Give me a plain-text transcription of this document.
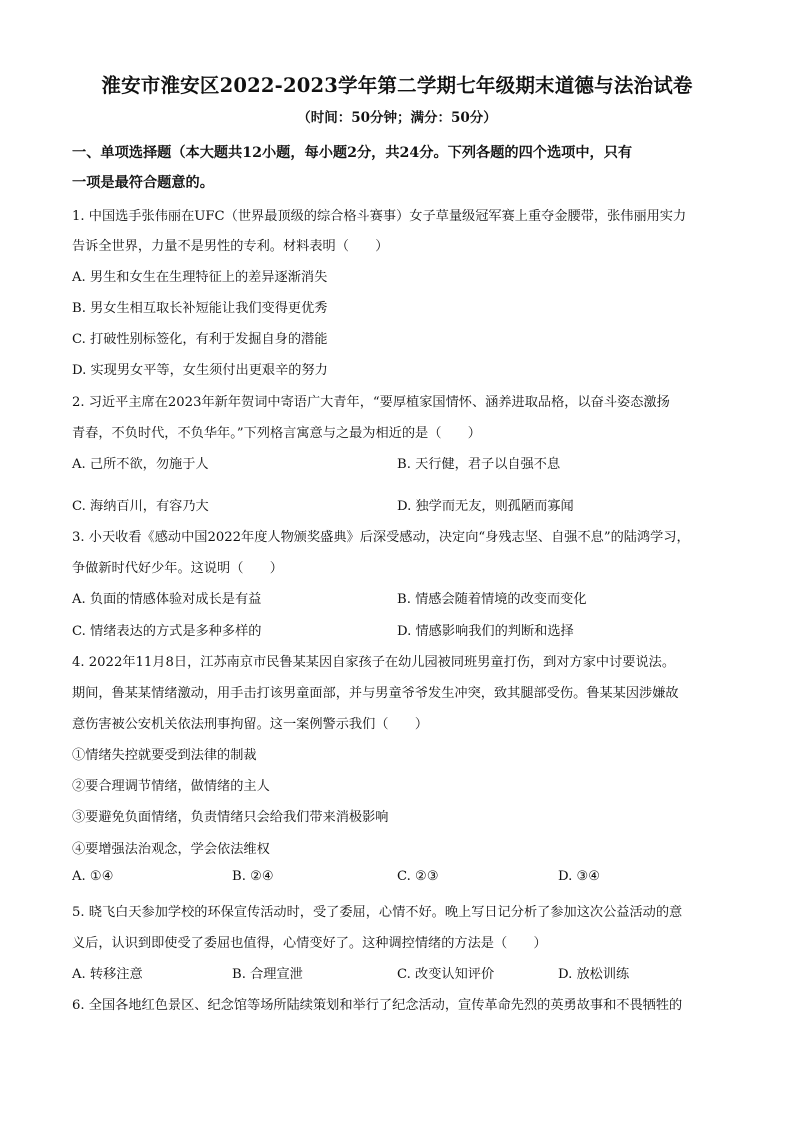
淮安市淮安区2022-2023学年第二学期七年级期末道德与法治试卷
（时间：50分钟；满分：50分）
一、单项选择题（本大题共12小题，每小题2分，共24分。下列各题的四个选项中，只有
一项是最符合题意的。
1. 中国选手张伟丽在UFC（世界最顶级的综合格斗赛事）女子草量级冠军赛上重夺金腰带，张伟丽用实力
告诉全世界，力量不是男性的专利。材料表明（　　）
A. 男生和女生在生理特征上的差异逐渐消失
B. 男女生相互取长补短能让我们变得更优秀
C. 打破性别标签化，有利于发掘自身的潜能
D. 实现男女平等，女生须付出更艰辛的努力
2. 习近平主席在2023年新年贺词中寄语广大青年，“要厚植家国情怀、涵养进取品格，以奋斗姿态激扬
青春，不负时代，不负华年。”下列格言寓意与之最为相近的是（　　）
A. 己所不欲，勿施于人	B. 天行健，君子以自强不息
C. 海纳百川，有容乃大	D. 独学而无友，则孤陋而寡闻
3. 小天收看《感动中国2022年度人物颁奖盛典》后深受感动，决定向“身残志坚、自强不息”的陆鸿学习，
争做新时代好少年。这说明（　　）
A. 负面的情感体验对成长是有益	B. 情感会随着情境的改变而变化
C. 情绪表达的方式是多种多样的	D. 情感影响我们的判断和选择
4. 2022年11月8日，江苏南京市民鲁某某因自家孩子在幼儿园被同班男童打伤，到对方家中讨要说法。
期间，鲁某某情绪激动，用手击打该男童面部，并与男童爷爷发生冲突，致其腿部受伤。鲁某某因涉嫌故
意伤害被公安机关依法刑事拘留。这一案例警示我们（　　）
①情绪失控就要受到法律的制裁
②要合理调节情绪，做情绪的主人
③要避免负面情绪，负责情绪只会给我们带来消极影响
④要增强法治观念，学会依法维权
A. ①④	B. ②④	C. ②③	D. ③④
5. 晓飞白天参加学校的环保宣传活动时，受了委屈，心情不好。晚上写日记分析了参加这次公益活动的意
义后，认识到即使受了委屈也值得，心情变好了。这种调控情绪的方法是（　　）
A. 转移注意	B. 合理宣泄	C. 改变认知评价	D. 放松训练
6. 全国各地红色景区、纪念馆等场所陆续策划和举行了纪念活动，宣传革命先烈的英勇故事和不畏牺牲的
